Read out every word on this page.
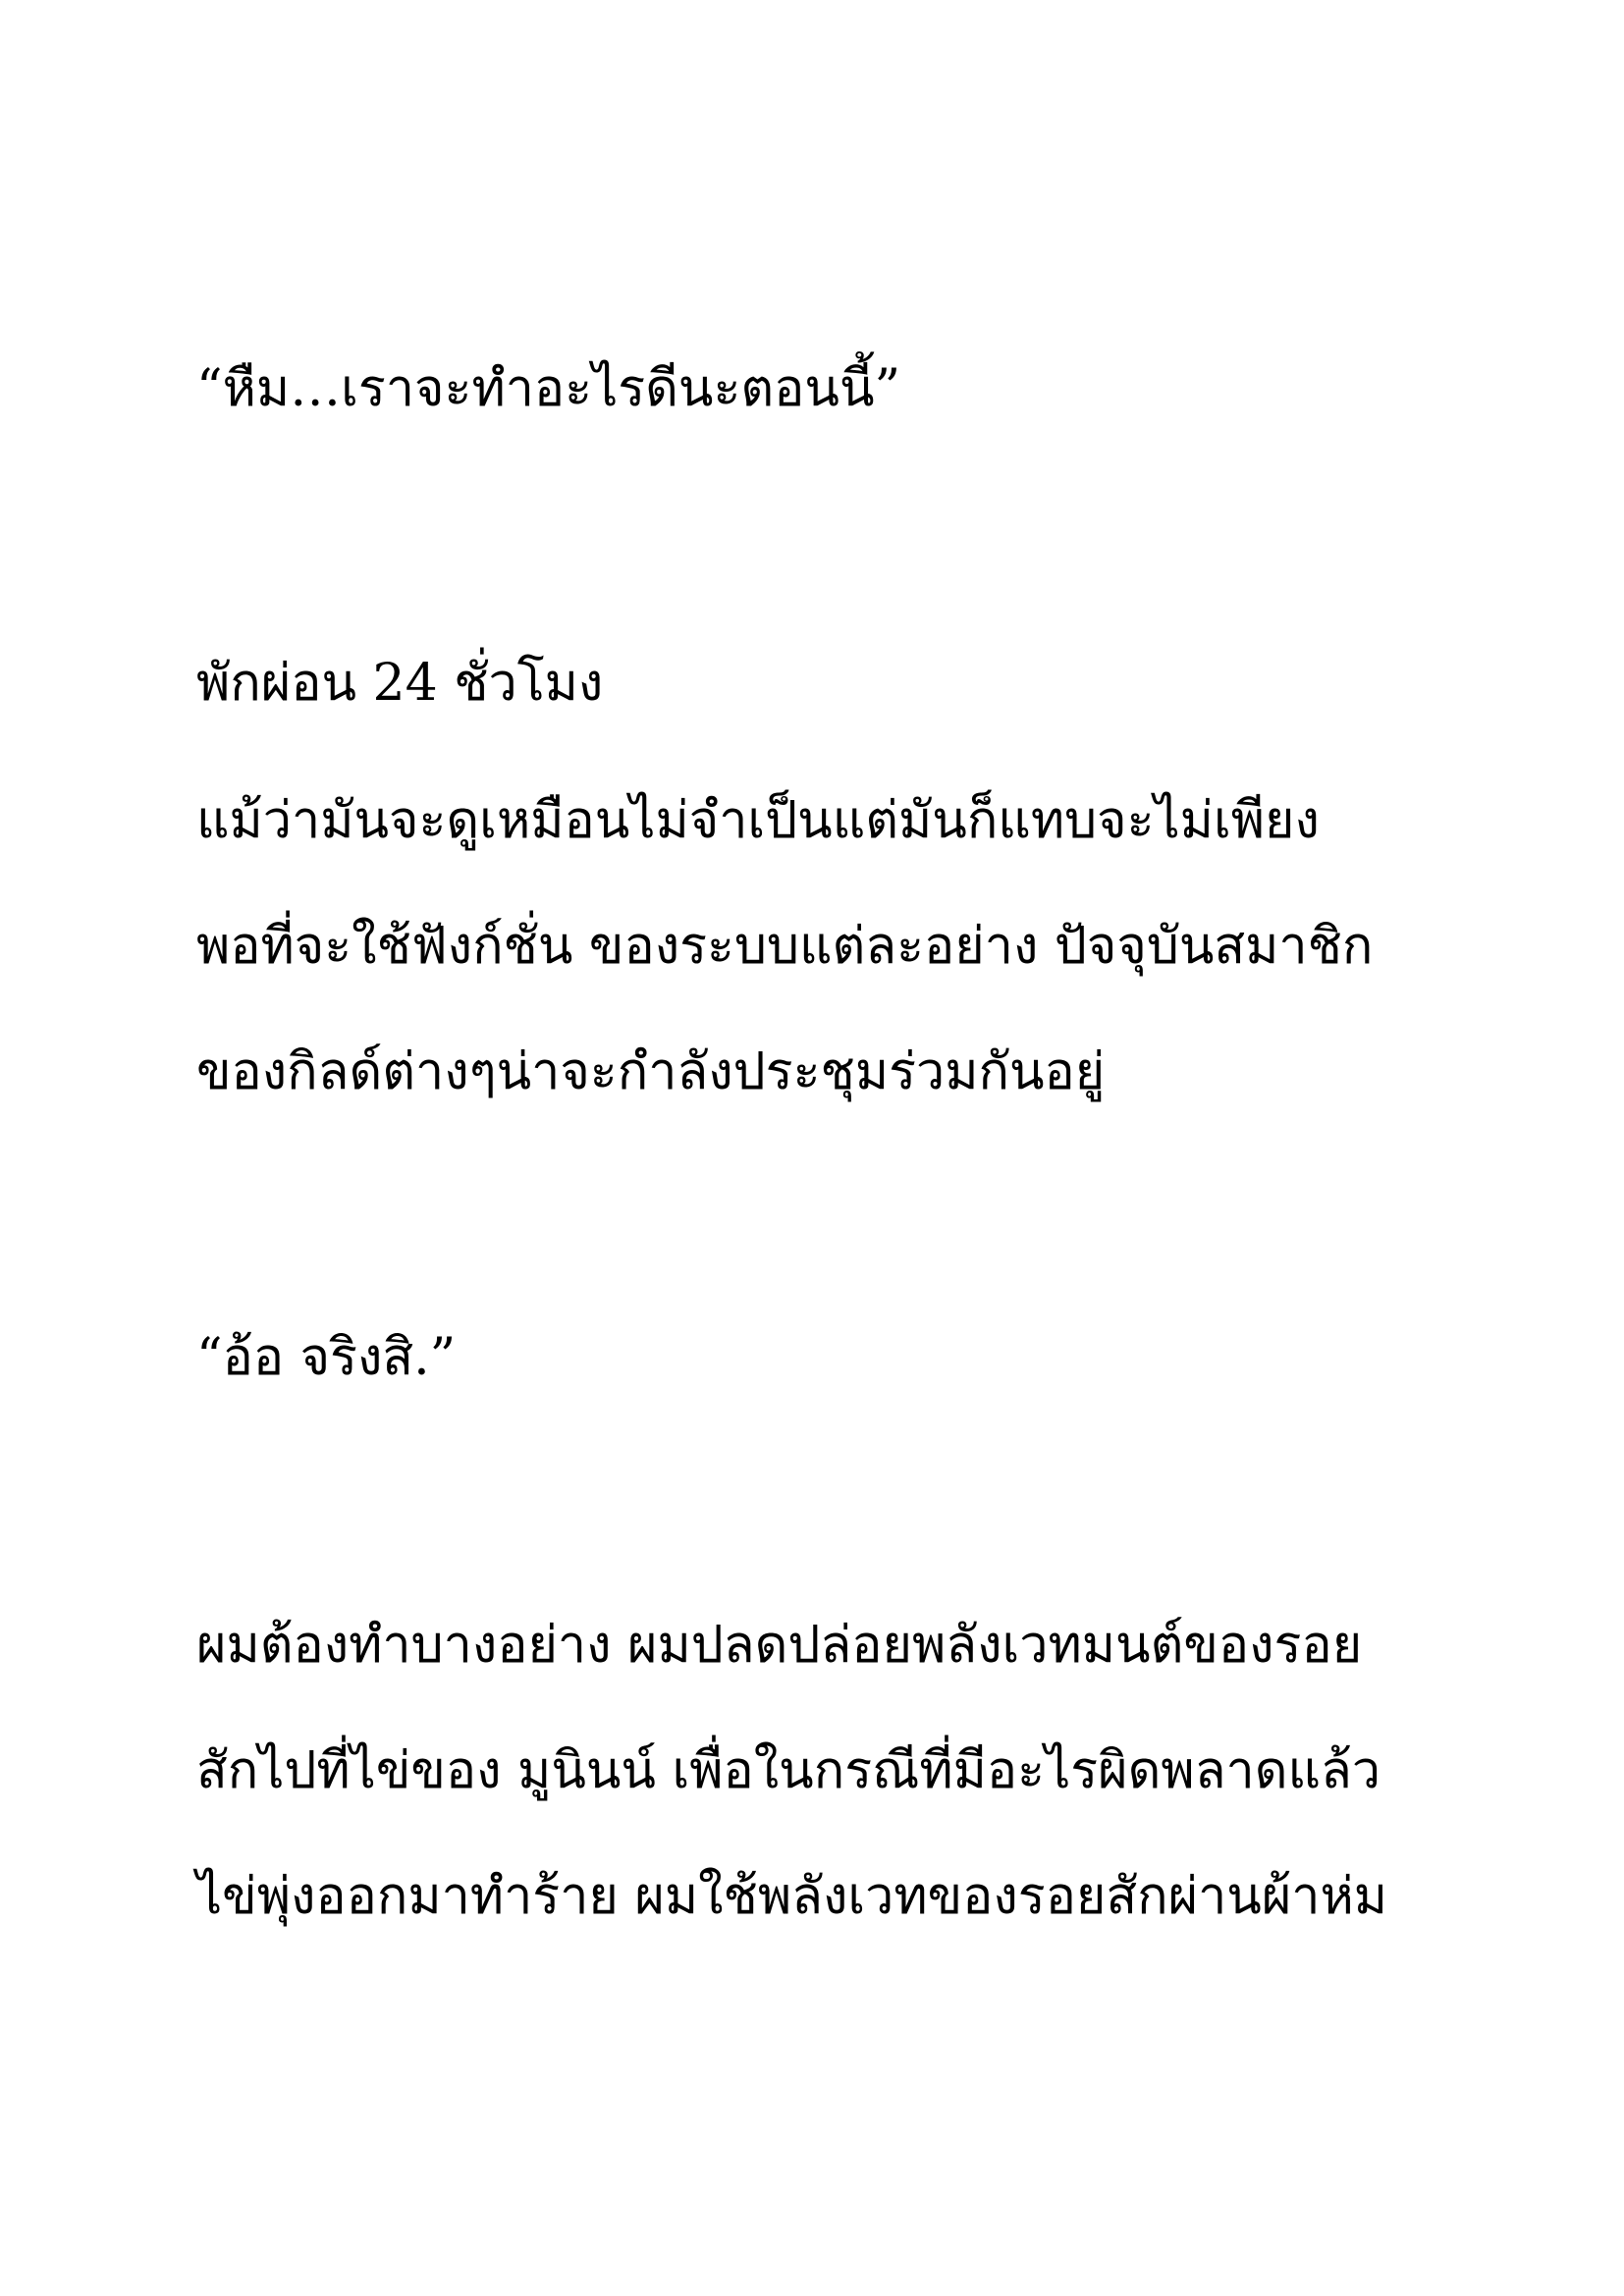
“หืม…เราจะทำอะไรดีนะตอนนี้”
พักผ่อน 24 ชั่วโมง
แม้ว่ามันจะดูเหมือนไม่จำเป็นแต่มันก็แทบจะไม่เพียง
พอที่จะใช้ฟังก์ชั่น ของระบบแต่ละอย่าง ปัจจุบันสมาชิก
ของกิลด์ต่างๆน่าจะกำลังประชุมร่วมกันอยู่
“อ้อ จริงสิ.”
ผมต้องทำบางอย่าง ผมปลดปล่อยพลังเวทมนต์ของรอย
สักไปที่ไข่ของ มูนินน์ เพื่อในกรณีที่มีอะไรผิดพลาดแล้ว
ไข่พุ่งออกมาทำร้าย ผมใช้พลังเวทของรอยสักผ่านผ้าห่ม
